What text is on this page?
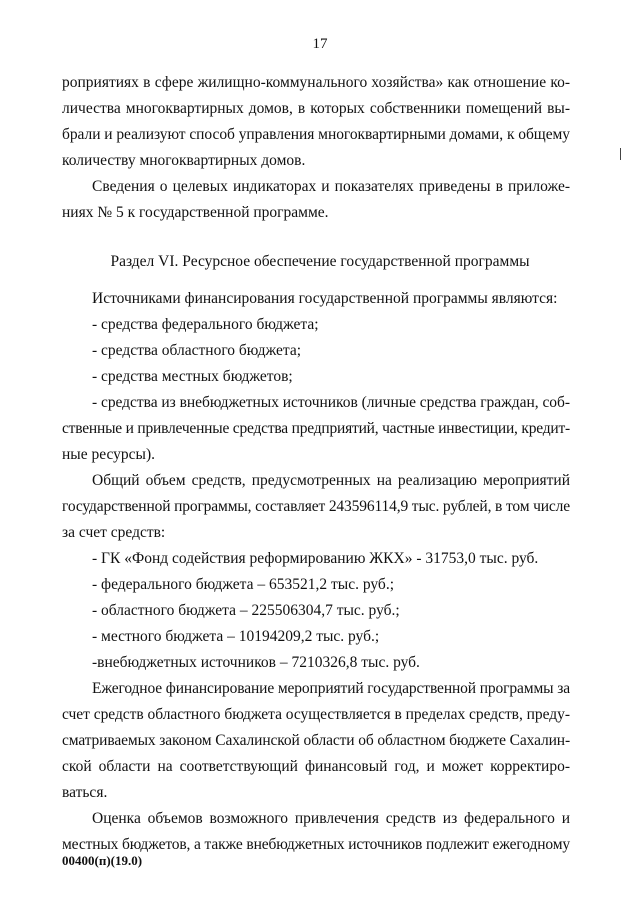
17
роприятиях в сфере жилищно-коммунального хозяйства» как отношение ко-
личества многоквартирных домов, в которых собственники помещений вы-
брали и реализуют способ управления многоквартирными домами, к общему
количеству многоквартирных домов.
Сведения о целевых индикаторах и показателях приведены в приложе-
ниях № 5 к государственной программе.
Раздел VI. Ресурсное обеспечение государственной программы
Источниками финансирования государственной программы являются:
- средства федерального бюджета;
- средства областного бюджета;
- средства местных бюджетов;
- средства из внебюджетных источников (личные средства граждан, соб-
ственные и привлеченные средства предприятий, частные инвестиции, кредит-
ные ресурсы).
Общий объем средств, предусмотренных на реализацию мероприятий
государственной программы, составляет 243596114,9 тыс. рублей, в том числе
за счет средств:
- ГК «Фонд содействия реформированию ЖКХ» - 31753,0 тыс. руб.
- федерального бюджета – 653521,2 тыс. руб.;
- областного бюджета – 225506304,7 тыс. руб.;
- местного бюджета – 10194209,2 тыс. руб.;
-внебюджетных источников – 7210326,8 тыс. руб.
Ежегодное финансирование мероприятий государственной программы за
счет средств областного бюджета осуществляется в пределах средств, преду-
сматриваемых законом Сахалинской области об областном бюджете Сахалин-
ской области на соответствующий финансовый год, и может корректиро-
ваться.
Оценка объемов возможного привлечения средств из федерального и
местных бюджетов, а также внебюджетных источников подлежит ежегодному
00400(п)(19.0)
